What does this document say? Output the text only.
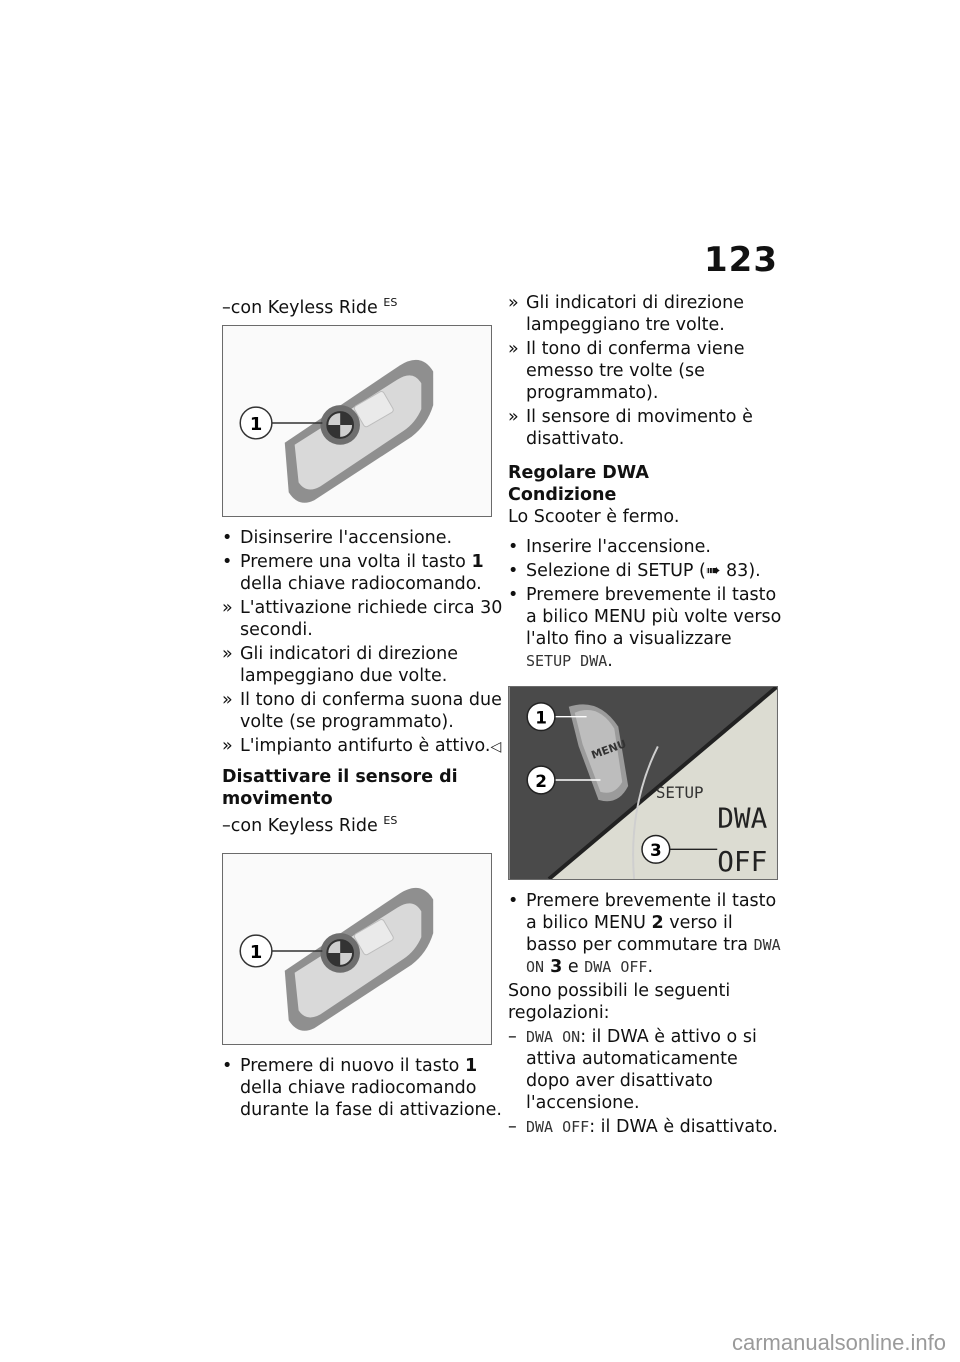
123

–con Keyless Ride $^{ES}$

1
• Disinserire l'accensione.
• Premere una volta il tasto 1 della chiave radiocomando.
» L'attivazione richiede circa 30 secondi.
» Gli indicatori di direzione lampeggiano due volte.
» Il tono di conferma suona due volte (se programmato).
» L'impianto antifurto è attivo.◁

Disattivare il sensore di movimento

–con Keyless Ride $^{ES}$

1
• Premere di nuovo il tasto 1 della chiave radiocomando durante la fase di attivazione.
» Gli indicatori di direzione lampeggiano tre volte.
» Il tono di conferma viene emesso tre volte (se programmato).
» Il sensore di movimento è disattivato.

Regolare DWA

Condizione

Lo Scooter è fermo.

• Inserire l'accensione.
• Selezione di SETUP (➠ 83).
• Premere brevemente il tasto a bilico MENU più volte verso l'alto fino a visualizzare SETUP DWA.
MENU
SETUP
DWA
OFF
1
2
3
• Premere brevemente il tasto a bilico MENU 2 verso il basso per commutare tra DWA ON 3 e DWA OFF.

Sono possibili le seguenti regolazioni:

– DWA ON: il DWA è attivo o si attiva automaticamente dopo aver disattivato l'accensione.
– DWA OFF: il DWA è disattivato.
carmanualsonline.info
